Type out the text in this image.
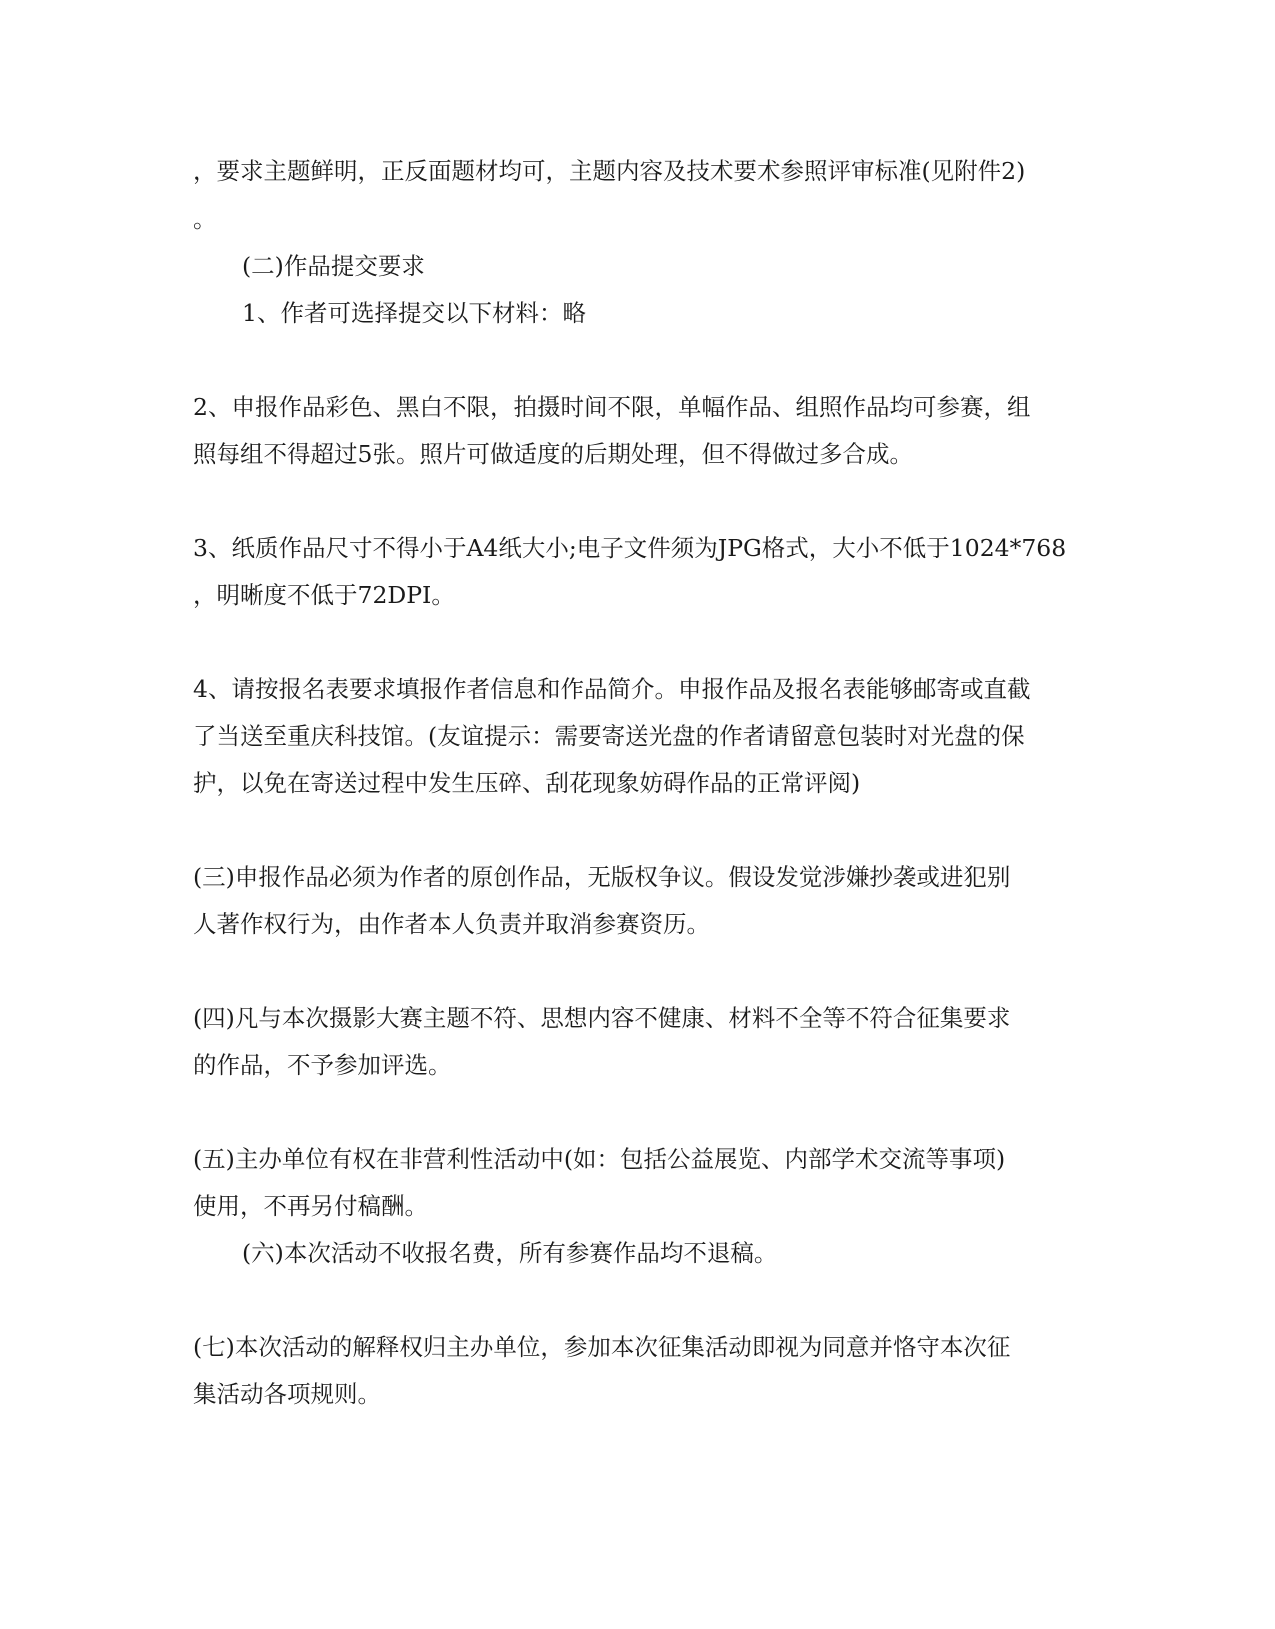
，要求主题鲜明，正反面题材均可，主题内容及技术要术参照评审标准(见附件2)

。

(二)作品提交要求

1、作者可选择提交以下材料：略

2、申报作品彩色、黑白不限，拍摄时间不限，单幅作品、组照作品均可参赛，组

照每组不得超过5张。照片可做适度的后期处理，但不得做过多合成。

3、纸质作品尺寸不得小于A4纸大小;电子文件须为JPG格式，大小不低于1024*768

，明晰度不低于72DPI。

4、请按报名表要求填报作者信息和作品简介。申报作品及报名表能够邮寄或直截

了当送至重庆科技馆。(友谊提示：需要寄送光盘的作者请留意包装时对光盘的保

护，以免在寄送过程中发生压碎、刮花现象妨碍作品的正常评阅)

(三)申报作品必须为作者的原创作品，无版权争议。假设发觉涉嫌抄袭或进犯别

人著作权行为，由作者本人负责并取消参赛资历。

(四)凡与本次摄影大赛主题不符、思想内容不健康、材料不全等不符合征集要求

的作品，不予参加评选。

(五)主办单位有权在非营利性活动中(如：包括公益展览、内部学术交流等事项)

使用，不再另付稿酬。

(六)本次活动不收报名费，所有参赛作品均不退稿。

(七)本次活动的解释权归主办单位，参加本次征集活动即视为同意并恪守本次征

集活动各项规则。
